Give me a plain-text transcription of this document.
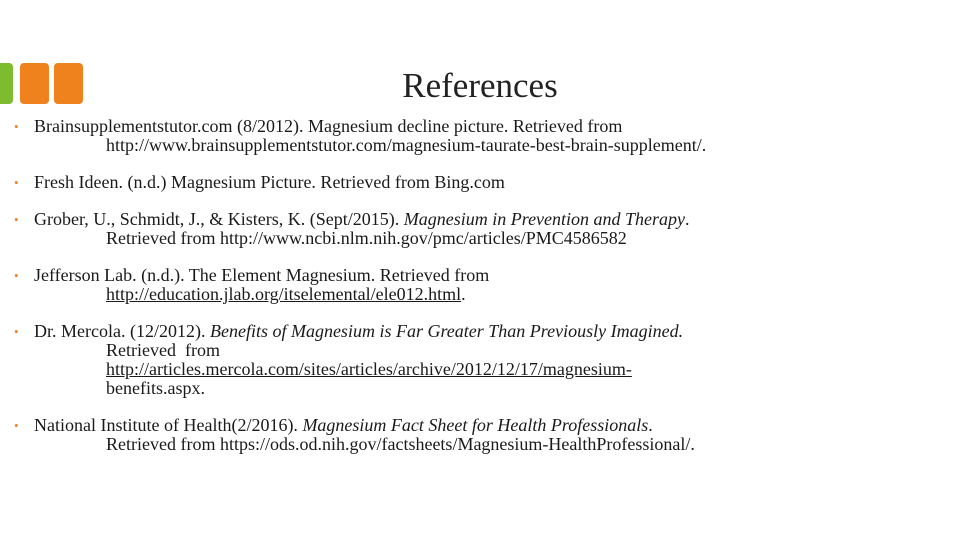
References
• Brainsupplementstutor.com (8/2012). Magnesium decline picture. Retrieved from
http://www.brainsupplementstutor.com/magnesium-taurate-best-brain-supplement/.
• Fresh Ideen. (n.d.) Magnesium Picture. Retrieved from Bing.com
• Grober, U., Schmidt, J., & Kisters, K. (Sept/2015). Magnesium in Prevention and Therapy.
Retrieved from http://www.ncbi.nlm.nih.gov/pmc/articles/PMC4586582
• Jefferson Lab. (n.d.). The Element Magnesium. Retrieved from
http://education.jlab.org/itselemental/ele012.html.
• Dr. Mercola. (12/2012). Benefits of Magnesium is Far Greater Than Previously Imagined.
Retrieved  from
http://articles.mercola.com/sites/articles/archive/2012/12/17/magnesium-
benefits.aspx.
• National Institute of Health(2/2016). Magnesium Fact Sheet for Health Professionals.
Retrieved from https://ods.od.nih.gov/factsheets/Magnesium-HealthProfessional/.
